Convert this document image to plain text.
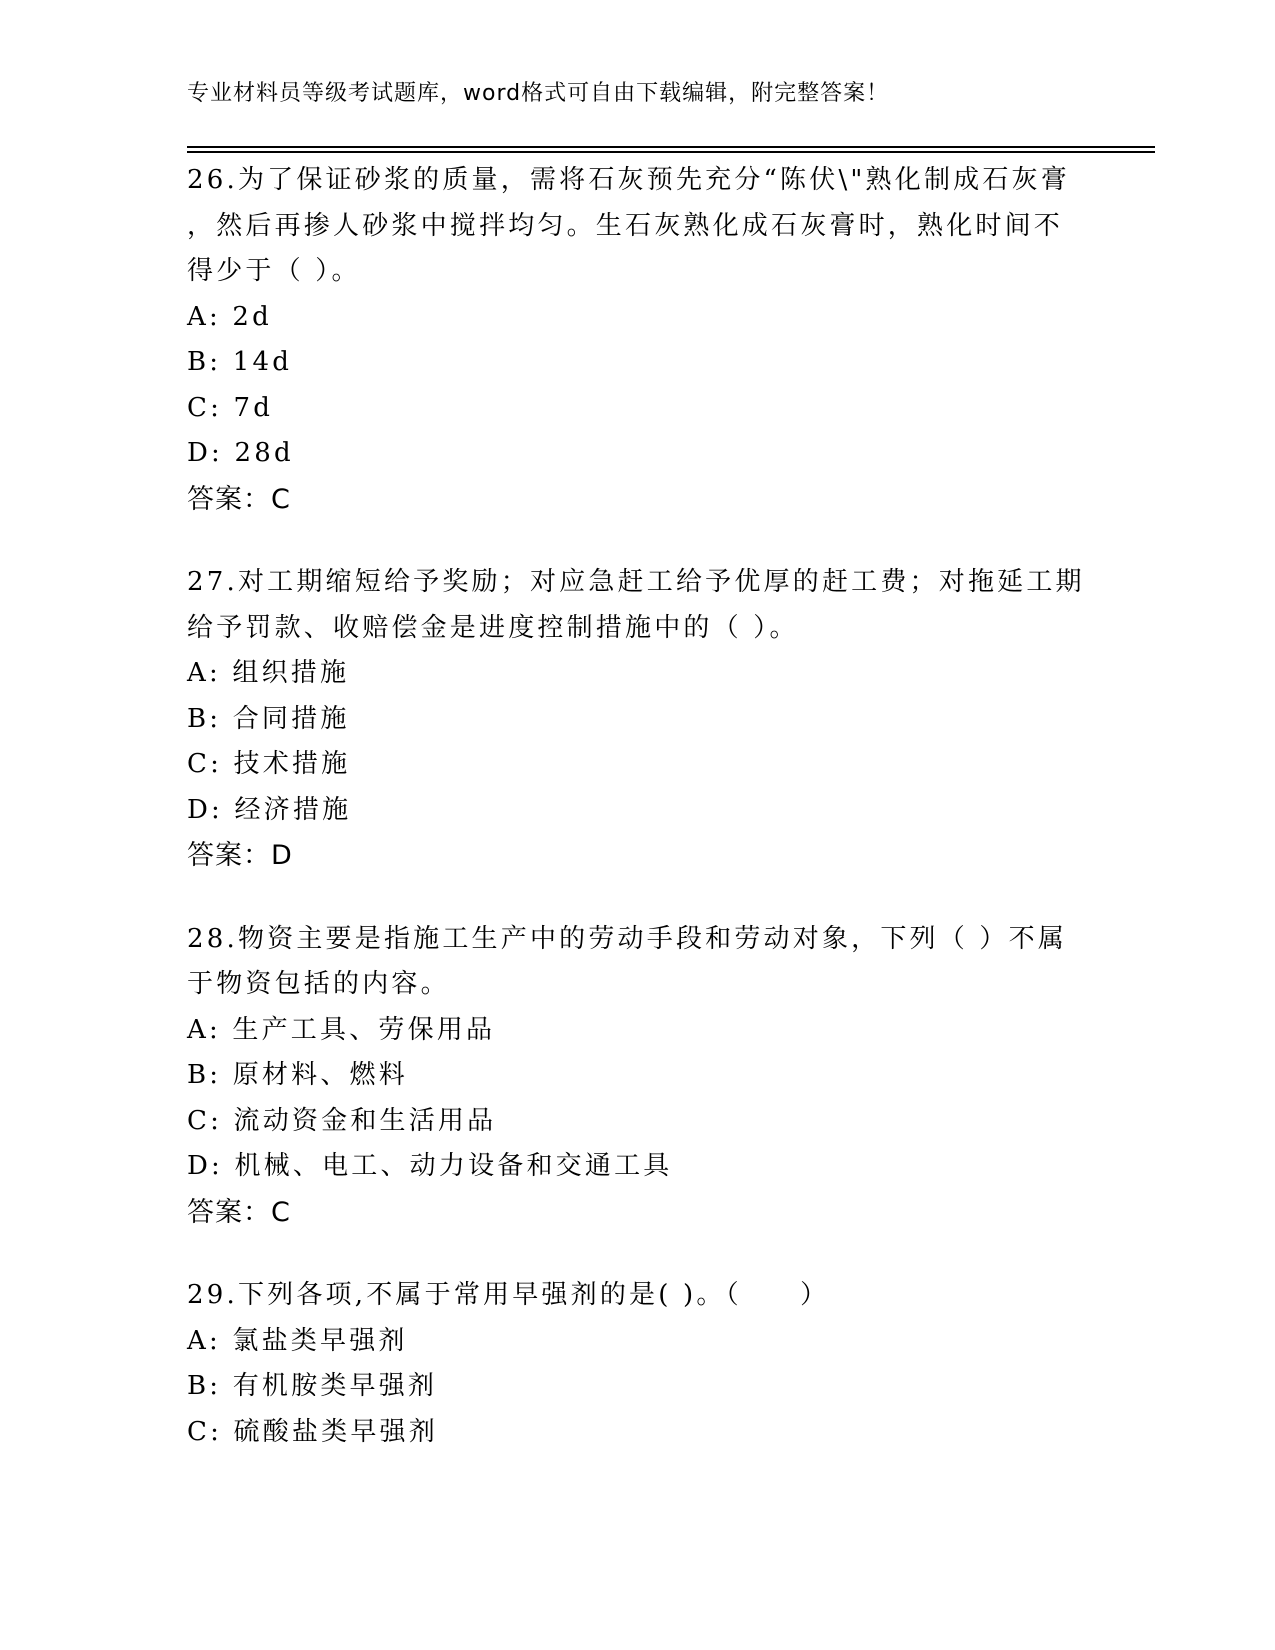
专业材料员等级考试题库，word格式可自由下载编辑，附完整答案！
26.为了保证砂浆的质量，需将石灰预先充分“陈伏\"熟化制成石灰膏
，然后再掺人砂浆中搅拌均匀。生石灰熟化成石灰膏时，熟化时间不
得少于（ ）。
A: 2d
B: 14d
C: 7d
D: 28d
答案：C
27.对工期缩短给予奖励；对应急赶工给予优厚的赶工费；对拖延工期
给予罚款、收赔偿金是进度控制措施中的（ ）。
A: 组织措施
B: 合同措施
C: 技术措施
D: 经济措施
答案：D
28.物资主要是指施工生产中的劳动手段和劳动对象，下列（ ）不属
于物资包括的内容。
A: 生产工具、劳保用品
B: 原材料、燃料
C: 流动资金和生活用品
D: 机械、电工、动力设备和交通工具
答案：C
29.下列各项,不属于常用早强剂的是( )。（　　）
A: 氯盐类早强剂
B: 有机胺类早强剂
C: 硫酸盐类早强剂
